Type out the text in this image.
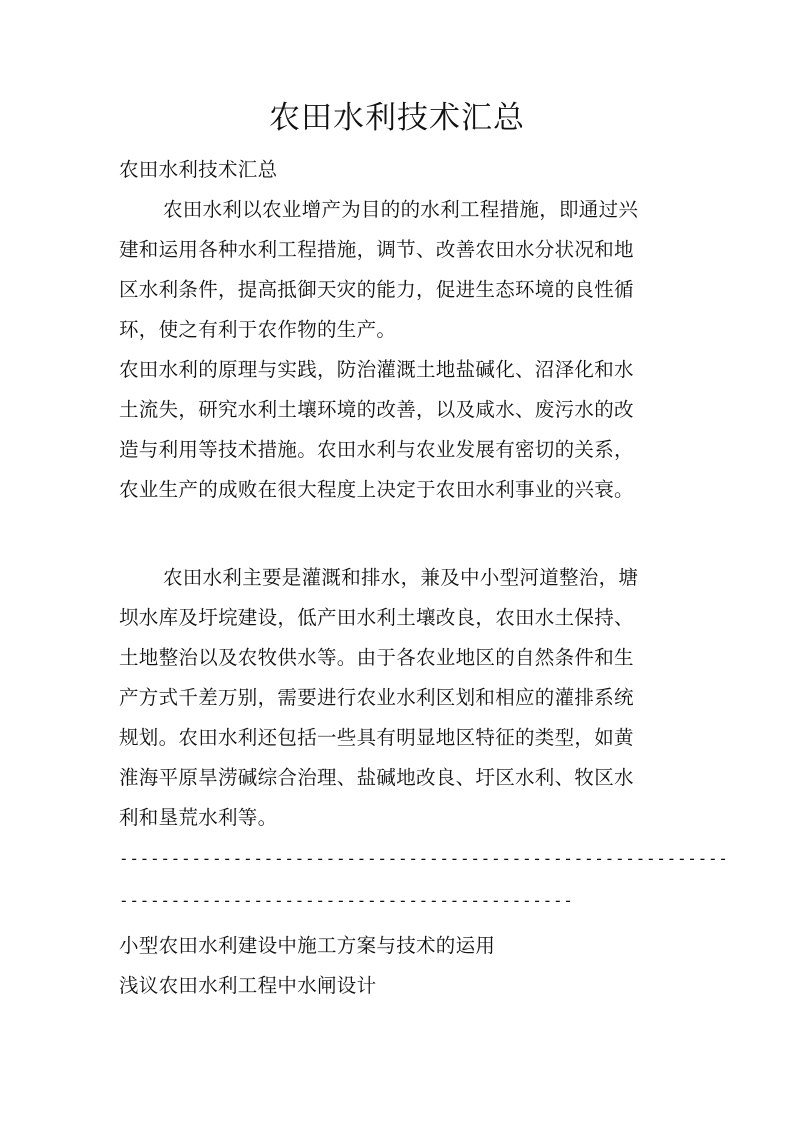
农田水利技术汇总
农田水利技术汇总
农田水利以农业增产为目的的水利工程措施，即通过兴
建和运用各种水利工程措施，调节、改善农田水分状况和地
区水利条件，提高抵御天灾的能力，促进生态环境的良性循
环，使之有利于农作物的生产。
农田水利的原理与实践，防治灌溉土地盐碱化、沼泽化和水
土流失，研究水利土壤环境的改善，以及咸水、废污水的改
造与利用等技术措施。农田水利与农业发展有密切的关系，
农业生产的成败在很大程度上决定于农田水利事业的兴衰。
农田水利主要是灌溉和排水，兼及中小型河道整治，塘
坝水库及圩垸建设，低产田水利土壤改良，农田水土保持、
土地整治以及农牧供水等。由于各农业地区的自然条件和生
产方式千差万别，需要进行农业水利区划和相应的灌排系统
规划。农田水利还包括一些具有明显地区特征的类型，如黄
淮海平原旱涝碱综合治理、盐碱地改良、圩区水利、牧区水
利和垦荒水利等。
-----------------------------------------------------------
--------------------------------------------
小型农田水利建设中施工方案与技术的运用
浅议农田水利工程中水闸设计
